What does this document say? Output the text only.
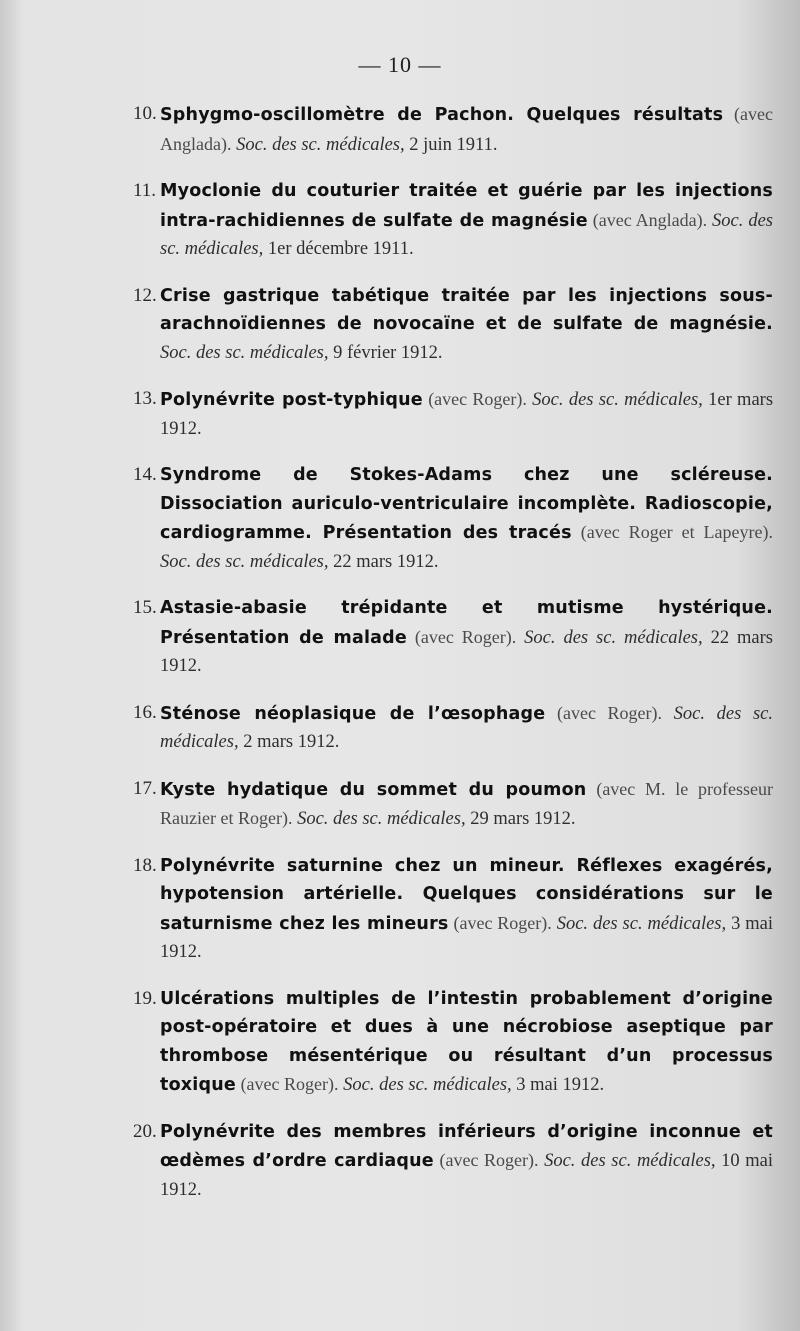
— 10 —
10. Sphygmo-oscillomètre de Pachon. Quelques résultats (avec Anglada). Soc. des sc. médicales, 2 juin 1911.
11. Myoclonie du couturier traitée et guérie par les injections intra-rachidiennes de sulfate de magnésie (avec Anglada). Soc. des sc. médicales, 1er décembre 1911.
12. Crise gastrique tabétique traitée par les injections sous-arachnoïdiennes de novocaïne et de sulfate de magnésie. Soc. des sc. médicales, 9 février 1912.
13. Polynévrite post-typhique (avec Roger). Soc. des sc. médicales, 1er mars 1912.
14. Syndrome de Stokes-Adams chez une scléreuse. Dissociation auriculo-ventriculaire incomplète. Radioscopie, cardiogramme. Présentation des tracés (avec Roger et Lapeyre). Soc. des sc. médicales, 22 mars 1912.
15. Astasie-abasie trépidante et mutisme hystérique. Présentation de malade (avec Roger). Soc. des sc. médicales, 22 mars 1912.
16. Sténose néoplasique de l’œsophage (avec Roger). Soc. des sc. médicales, 2 mars 1912.
17. Kyste hydatique du sommet du poumon (avec M. le professeur Rauzier et Roger). Soc. des sc. médicales, 29 mars 1912.
18. Polynévrite saturnine chez un mineur. Réflexes exagérés, hypotension artérielle. Quelques considérations sur le saturnisme chez les mineurs (avec Roger). Soc. des sc. médicales, 3 mai 1912.
19. Ulcérations multiples de l’intestin probablement d’origine post-opératoire et dues à une nécrobiose aseptique par thrombose mésentérique ou résultant d’un processus toxique (avec Roger). Soc. des sc. médicales, 3 mai 1912.
20. Polynévrite des membres inférieurs d’origine inconnue et œdèmes d’ordre cardiaque (avec Roger). Soc. des sc. médicales, 10 mai 1912.
